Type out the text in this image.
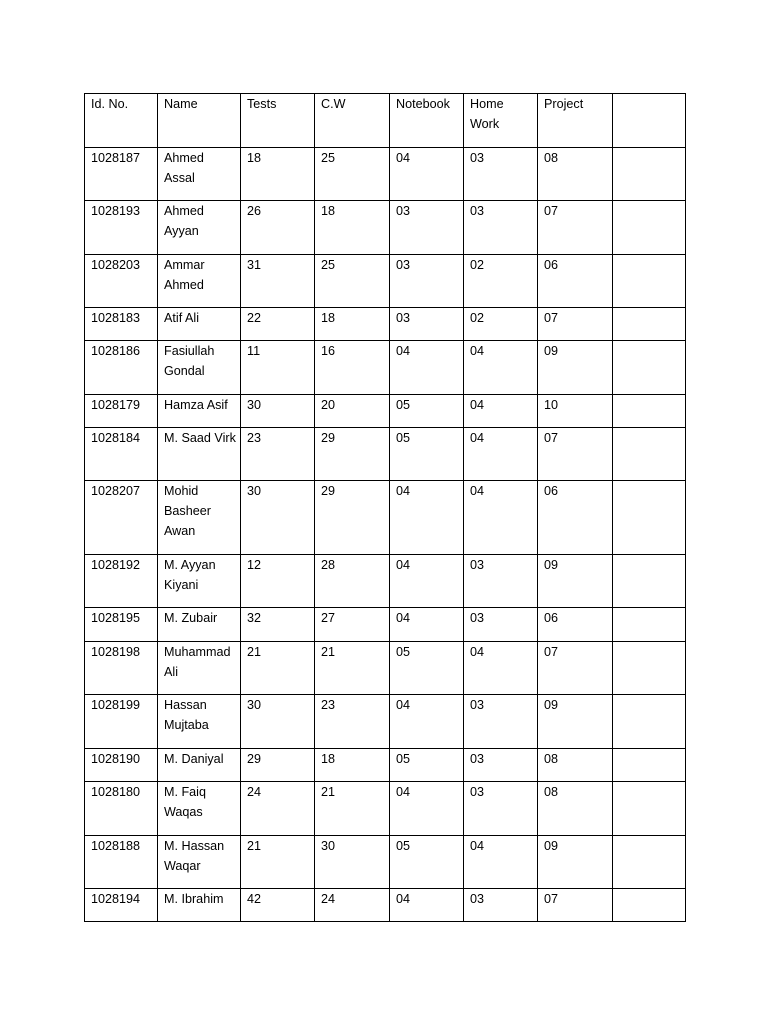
Id. No.	Name	Tests	C.W	Notebook	Home Work	Project	
1028187	Ahmed Assal	18	25	04	03	08	
1028193	Ahmed Ayyan	26	18	03	03	07	
1028203	Ammar Ahmed	31	25	03	02	06	
1028183	Atif Ali	22	18	03	02	07	
1028186	Fasiullah Gondal	11	16	04	04	09	
1028179	Hamza Asif	30	20	05	04	10	
1028184	M. Saad Virk	23	29	05	04	07	
1028207	Mohid Basheer Awan	30	29	04	04	06	
1028192	M. Ayyan Kiyani	12	28	04	03	09	
1028195	M. Zubair	32	27	04	03	06	
1028198	Muhammad Ali	21	21	05	04	07	
1028199	Hassan Mujtaba	30	23	04	03	09	
1028190	M. Daniyal	29	18	05	03	08	
1028180	M. Faiq Waqas	24	21	04	03	08	
1028188	M. Hassan Waqar	21	30	05	04	09	
1028194	M. Ibrahim	42	24	04	03	07	
